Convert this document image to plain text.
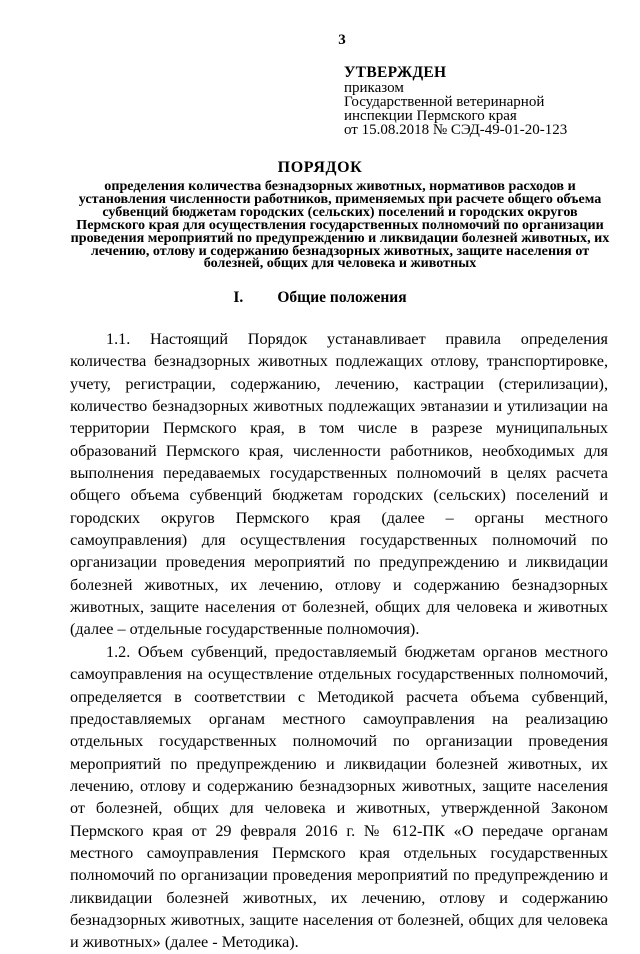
3
УТВЕРЖДЕН
приказом
Государственной ветеринарной
инспекции Пермского края
от 15.08.2018 № СЭД-49-01-20-123
ПОРЯДОК
определения количества безнадзорных животных, нормативов расходов и установления численности работников, применяемых при расчете общего объема субвенций бюджетам городских (сельских) поселений и городских округов Пермского края для осуществления государственных полномочий по организации проведения мероприятий по предупреждению и ликвидации болезней животных, их лечению, отлову и содержанию безнадзорных животных, защите населения от болезней, общих для человека и животных
I. Общие положения

1.1. Настоящий Порядок устанавливает правила определения количества безнадзорных животных подлежащих отлову, транспортировке, учету, регистрации, содержанию, лечению, кастрации (стерилизации), количество безнадзорных животных подлежащих эвтаназии и утилизации на территории Пермского края, в том числе в разрезе муниципальных образований Пермского края, численности работников, необходимых для выполнения передаваемых государственных полномочий в целях расчета общего объема субвенций бюджетам городских (сельских) поселений и городских округов Пермского края (далее – органы местного самоуправления) для осуществления государственных полномочий по организации проведения мероприятий по предупреждению и ликвидации болезней животных, их лечению, отлову и содержанию безнадзорных животных, защите населения от болезней, общих для человека и животных (далее – отдельные государственные полномочия).

1.2. Объем субвенций, предоставляемый бюджетам органов местного самоуправления на осуществление отдельных государственных полномочий, определяется в соответствии с Методикой расчета объема субвенций, предоставляемых органам местного самоуправления на реализацию отдельных государственных полномочий по организации проведения мероприятий по предупреждению и ликвидации болезней животных, их лечению, отлову и содержанию безнадзорных животных, защите населения от болезней, общих для человека и животных, утвержденной Законом Пермского края от 29 февраля 2016 г. № 612-ПК «О передаче органам местного самоуправления Пермского края отдельных государственных полномочий по организации проведения мероприятий по предупреждению и ликвидации болезней животных, их лечению, отлову и содержанию безнадзорных животных, защите населения от болезней, общих для человека и животных» (далее - Методика).
